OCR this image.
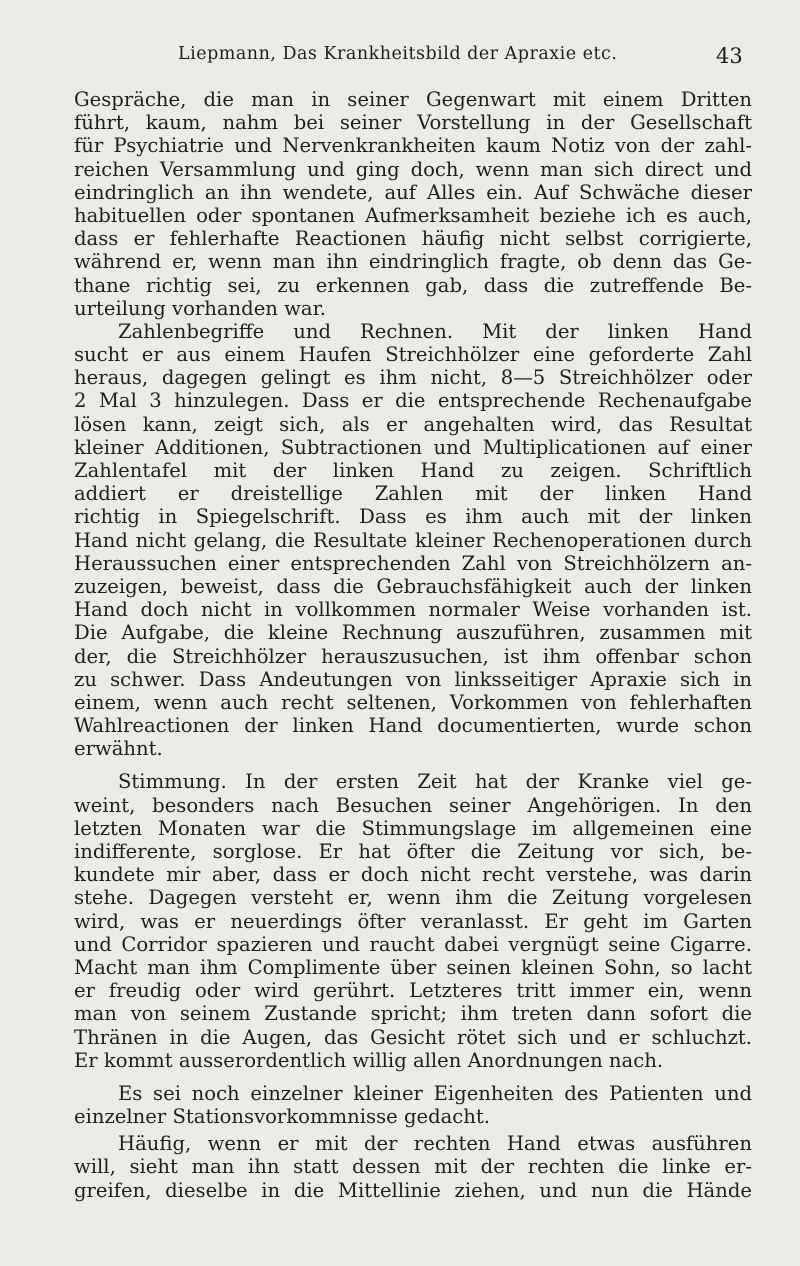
Liepmann, Das Krankheitsbild der Apraxie etc.	43
Gespräche, die man in seiner Gegenwart mit einem Dritten
führt, kaum, nahm bei seiner Vorstellung in der Gesellschaft
für Psychiatrie und Nervenkrankheiten kaum Notiz von der zahl-
reichen Versammlung und ging doch, wenn man sich direct und
eindringlich an ihn wendete, auf Alles ein. Auf Schwäche dieser
habituellen oder spontanen Aufmerksamheit beziehe ich es auch,
dass er fehlerhafte Reactionen häufig nicht selbst corrigierte,
während er, wenn man ihn eindringlich fragte, ob denn das Ge-
thane richtig sei, zu erkennen gab, dass die zutreffende Be-
urteilung vorhanden war.
Zahlenbegriffe und Rechnen. Mit der linken Hand
sucht er aus einem Haufen Streichhölzer eine geforderte Zahl
heraus, dagegen gelingt es ihm nicht, 8—5 Streichhölzer oder
2 Mal 3 hinzulegen. Dass er die entsprechende Rechenaufgabe
lösen kann, zeigt sich, als er angehalten wird, das Resultat
kleiner Additionen, Subtractionen und Multiplicationen auf einer
Zahlentafel mit der linken Hand zu zeigen. Schriftlich
addiert er dreistellige Zahlen mit der linken Hand
richtig in Spiegelschrift. Dass es ihm auch mit der linken
Hand nicht gelang, die Resultate kleiner Rechenoperationen durch
Heraussuchen einer entsprechenden Zahl von Streichhölzern an-
zuzeigen, beweist, dass die Gebrauchsfähigkeit auch der linken
Hand doch nicht in vollkommen normaler Weise vorhanden ist.
Die Aufgabe, die kleine Rechnung auszuführen, zusammen mit
der, die Streichhölzer herauszusuchen, ist ihm offenbar schon
zu schwer. Dass Andeutungen von linksseitiger Apraxie sich in
einem, wenn auch recht seltenen, Vorkommen von fehlerhaften
Wahlreactionen der linken Hand documentierten, wurde schon
erwähnt.
Stimmung. In der ersten Zeit hat der Kranke viel ge-
weint, besonders nach Besuchen seiner Angehörigen. In den
letzten Monaten war die Stimmungslage im allgemeinen eine
indifferente, sorglose. Er hat öfter die Zeitung vor sich, be-
kundete mir aber, dass er doch nicht recht verstehe, was darin
stehe. Dagegen versteht er, wenn ihm die Zeitung vorgelesen
wird, was er neuerdings öfter veranlasst. Er geht im Garten
und Corridor spazieren und raucht dabei vergnügt seine Cigarre.
Macht man ihm Complimente über seinen kleinen Sohn, so lacht
er freudig oder wird gerührt. Letzteres tritt immer ein, wenn
man von seinem Zustande spricht; ihm treten dann sofort die
Thränen in die Augen, das Gesicht rötet sich und er schluchzt.
Er kommt ausserordentlich willig allen Anordnungen nach.
Es sei noch einzelner kleiner Eigenheiten des Patienten und
einzelner Stationsvorkommnisse gedacht.
Häufig, wenn er mit der rechten Hand etwas ausführen
will, sieht man ihn statt dessen mit der rechten die linke er-
greifen, dieselbe in die Mittellinie ziehen, und nun die Hände
